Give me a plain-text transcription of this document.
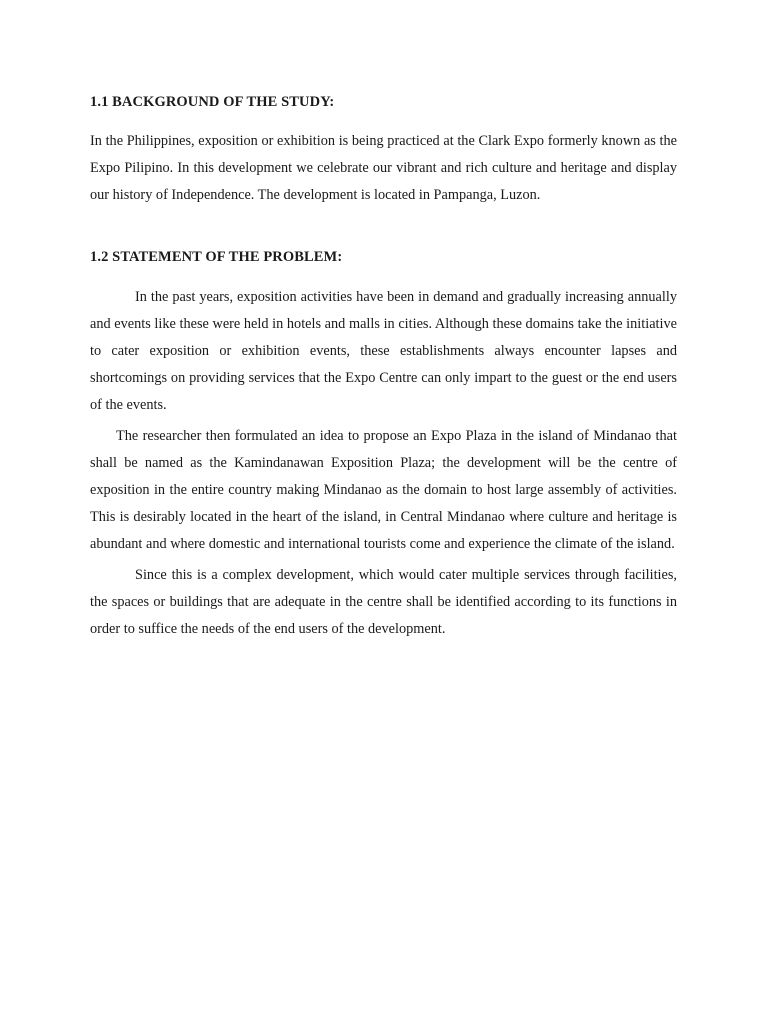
1.1 BACKGROUND OF THE STUDY:

In the Philippines, exposition or exhibition is being practiced at the Clark Expo formerly known as the Expo Pilipino. In this development we celebrate our vibrant and rich culture and heritage and display our history of Independence. The development is located in Pampanga, Luzon.

1.2 STATEMENT OF THE PROBLEM:

In the past years, exposition activities have been in demand and gradually increasing annually and events like these were held in hotels and malls in cities. Although these domains take the initiative to cater exposition or exhibition events, these establishments always encounter lapses and shortcomings on providing services that the Expo Centre can only impart to the guest or the end users of the events.

The researcher then formulated an idea to propose an Expo Plaza in the island of Mindanao that shall be named as the Kamindanawan Exposition Plaza; the development will be the centre of exposition in the entire country making Mindanao as the domain to host large assembly of activities. This is desirably located in the heart of the island, in Central Mindanao where culture and heritage is abundant and where domestic and international tourists come and experience the climate of the island.

Since this is a complex development, which would cater multiple services through facilities, the spaces or buildings that are adequate in the centre shall be identified according to its functions in order to suffice the needs of the end users of the development.
